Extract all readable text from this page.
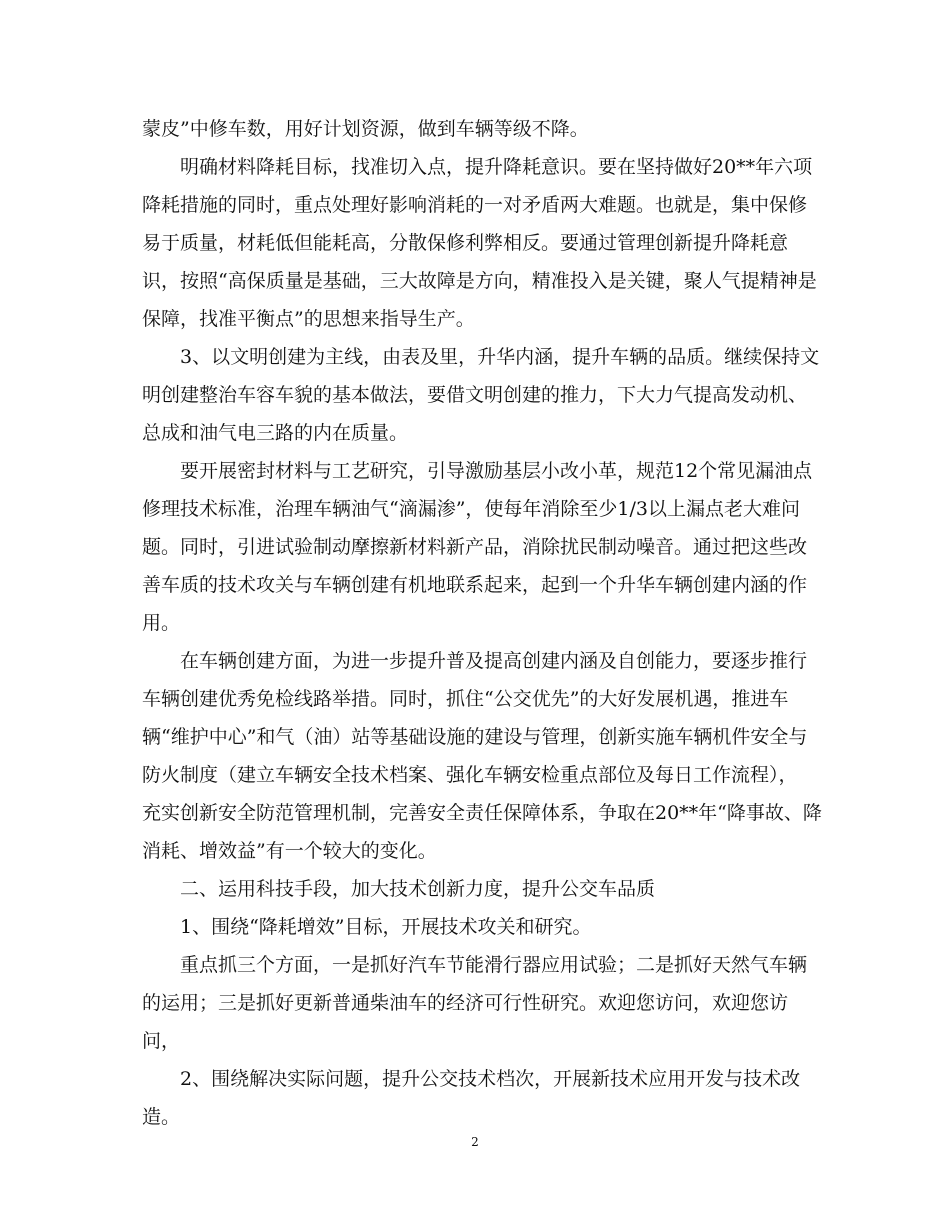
蒙皮”中修车数，用好计划资源，做到车辆等级不降。
明确材料降耗目标，找准切入点，提升降耗意识。要在坚持做好20**年六项
降耗措施的同时，重点处理好影响消耗的一对矛盾两大难题。也就是，集中保修
易于质量，材耗低但能耗高，分散保修利弊相反。要通过管理创新提升降耗意
识，按照“高保质量是基础，三大故障是方向，精准投入是关键，聚人气提精神是
保障，找准平衡点”的思想来指导生产。
3、以文明创建为主线，由表及里，升华内涵，提升车辆的品质。继续保持文
明创建整治车容车貌的基本做法，要借文明创建的推力，下大力气提高发动机、
总成和油气电三路的内在质量。
要开展密封材料与工艺研究，引导激励基层小改小革，规范12个常见漏油点
修理技术标准，治理车辆油气“滴漏渗”，使每年消除至少1/3以上漏点老大难问
题。同时，引进试验制动摩擦新材料新产品，消除扰民制动噪音。通过把这些改
善车质的技术攻关与车辆创建有机地联系起来，起到一个升华车辆创建内涵的作
用。
在车辆创建方面，为进一步提升普及提高创建内涵及自创能力，要逐步推行
车辆创建优秀免检线路举措。同时，抓住“公交优先”的大好发展机遇，推进车
辆“维护中心”和气（油）站等基础设施的建设与管理，创新实施车辆机件安全与
防火制度（建立车辆安全技术档案、强化车辆安检重点部位及每日工作流程），
充实创新安全防范管理机制，完善安全责任保障体系，争取在20**年“降事故、降
消耗、增效益”有一个较大的变化。
二、运用科技手段，加大技术创新力度，提升公交车品质
1、围绕“降耗增效”目标，开展技术攻关和研究。
重点抓三个方面，一是抓好汽车节能滑行器应用试验；二是抓好天然气车辆
的运用；三是抓好更新普通柴油车的经济可行性研究。欢迎您访问，欢迎您访
问，
2、围绕解决实际问题，提升公交技术档次，开展新技术应用开发与技术改
造。
2
